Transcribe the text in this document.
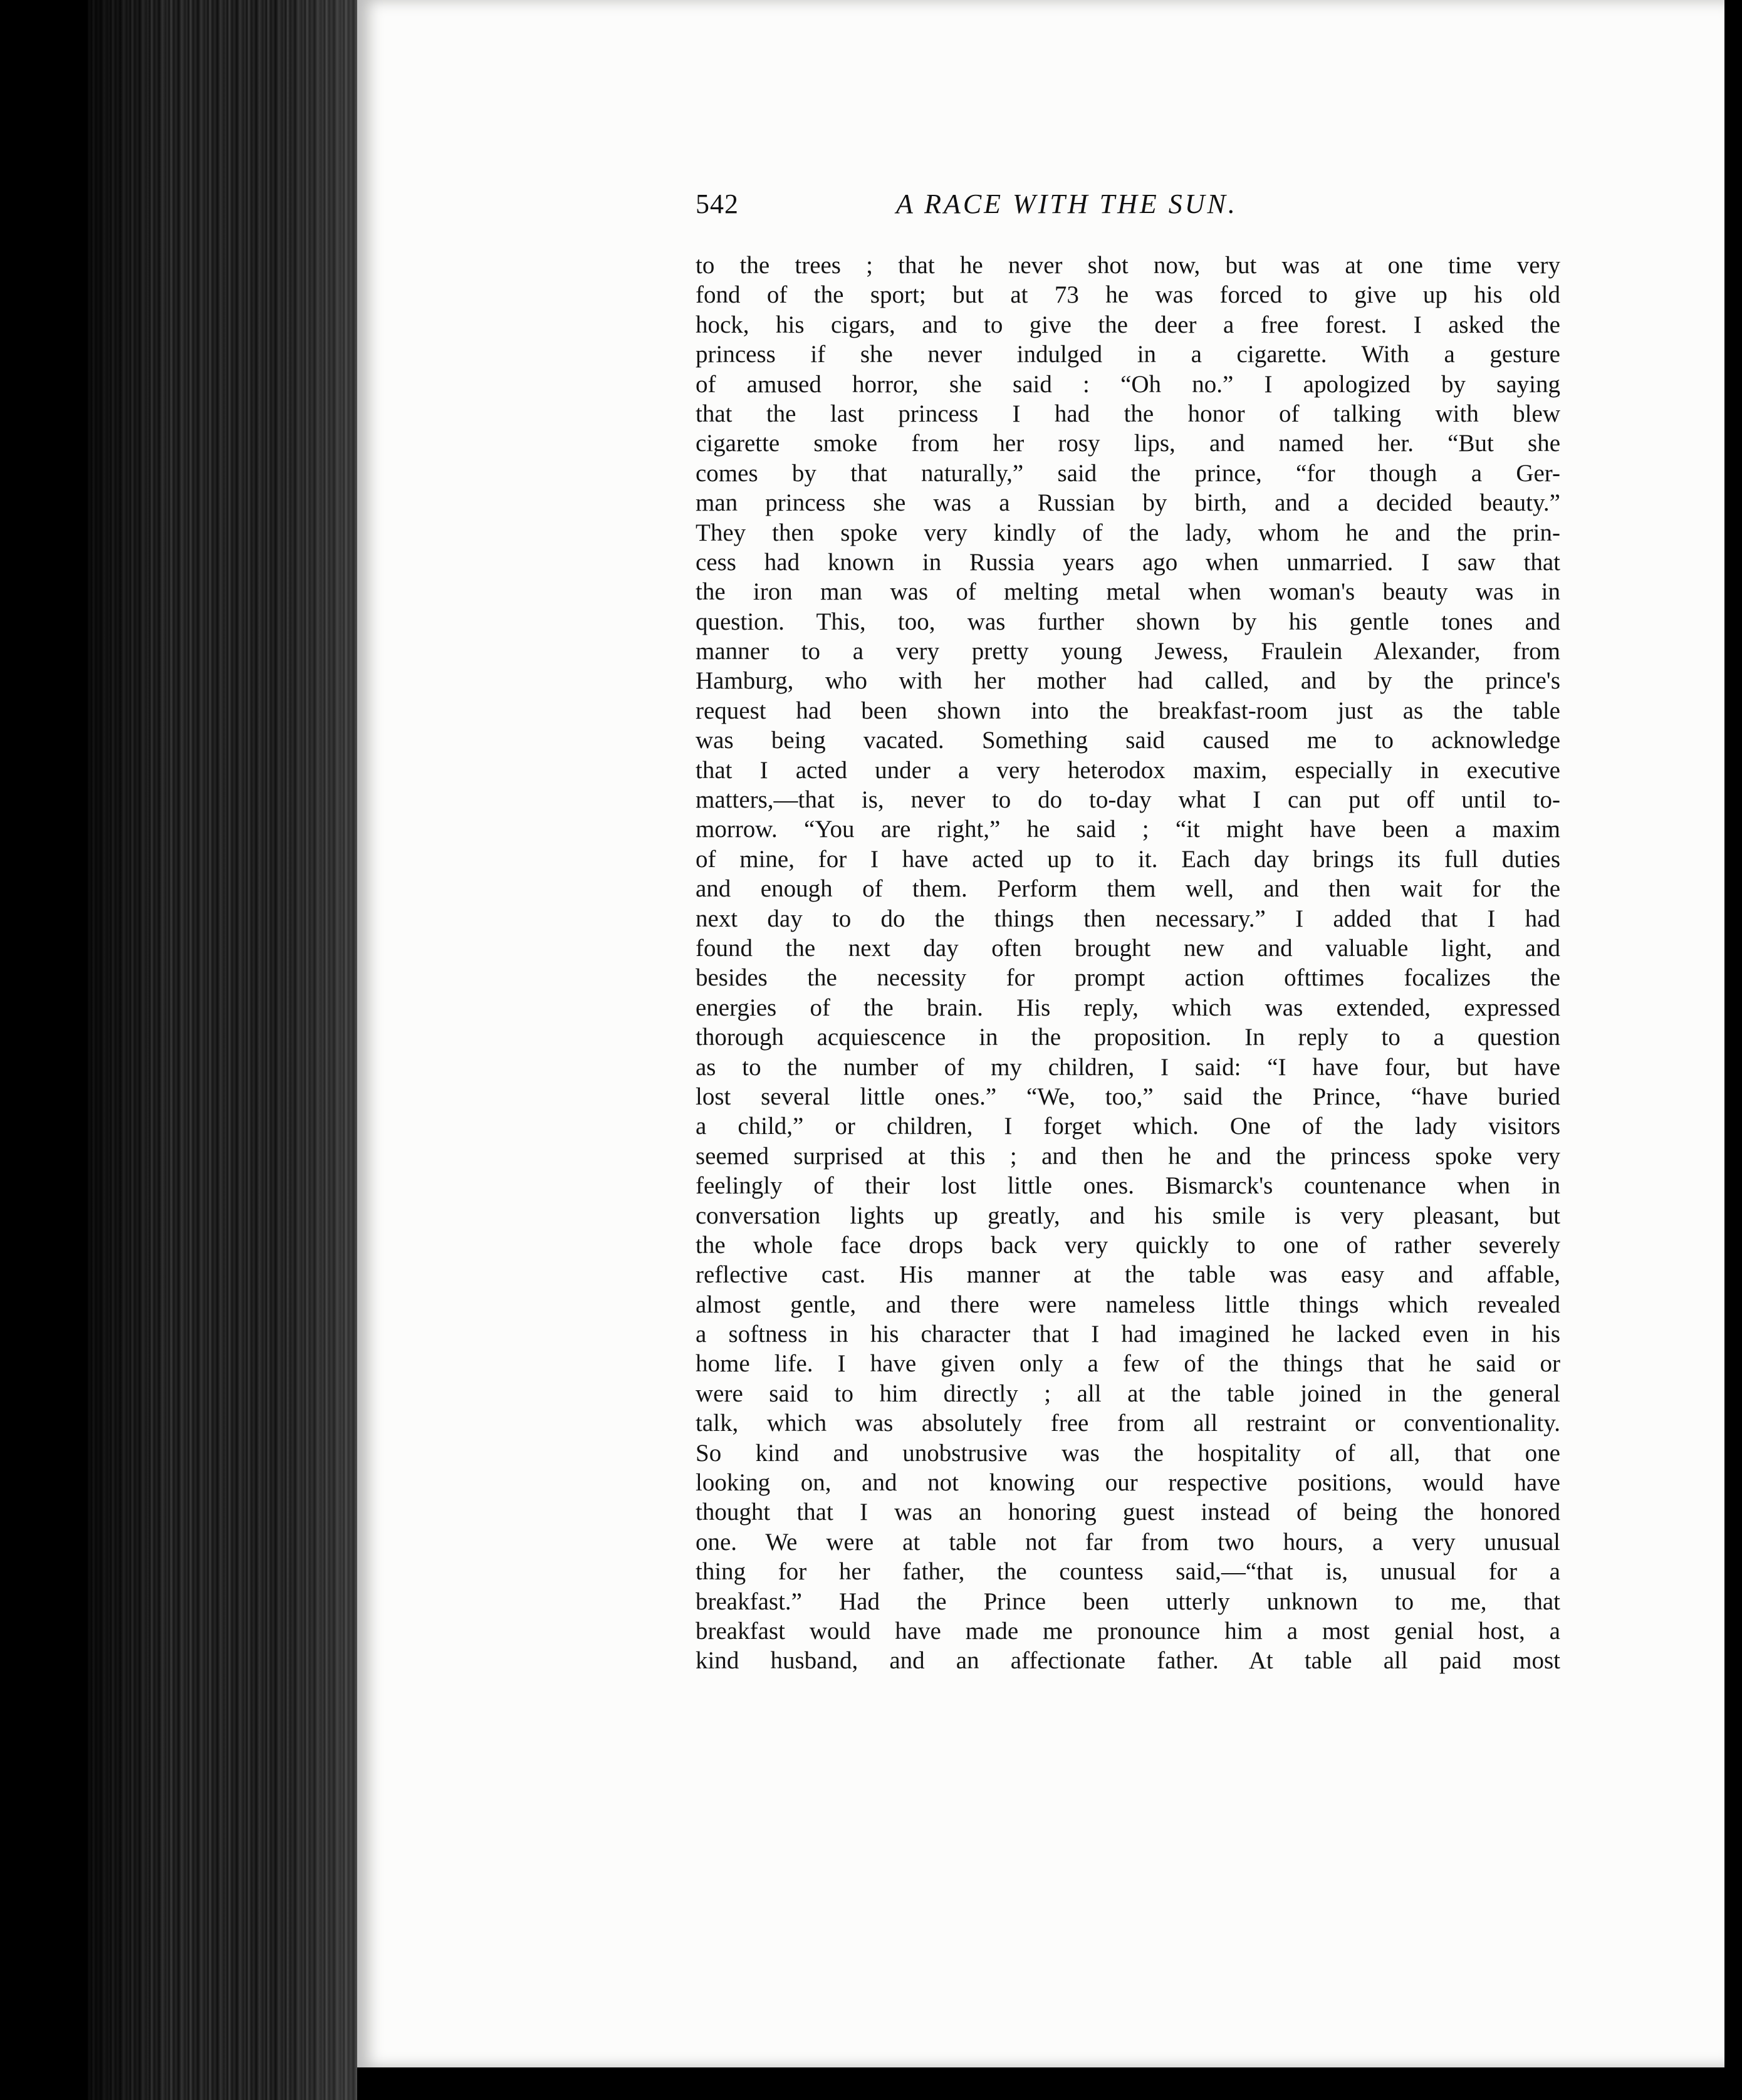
542	A RACE WITH THE SUN.
to the trees ; that he never shot now, but was at one time very
fond of the sport; but at 73 he was forced to give up his old
hock, his cigars, and to give the deer a free forest. I asked the
princess if she never indulged in a cigarette. With a gesture
of amused horror, she said : “Oh no.” I apologized by saying
that the last princess I had the honor of talking with blew
cigarette smoke from her rosy lips, and named her. “But she
comes by that naturally,” said the prince, “for though a Ger-
man princess she was a Russian by birth, and a decided beauty.”
They then spoke very kindly of the lady, whom he and the prin-
cess had known in Russia years ago when unmarried. I saw that
the iron man was of melting metal when woman's beauty was in
question. This, too, was further shown by his gentle tones and
manner to a very pretty young Jewess, Fraulein Alexander, from
Hamburg, who with her mother had called, and by the prince's
request had been shown into the breakfast-room just as the table
was being vacated. Something said caused me to acknowledge
that I acted under a very heterodox maxim, especially in executive
matters,—that is, never to do to-day what I can put off until to-
morrow. “You are right,” he said ; “it might have been a maxim
of mine, for I have acted up to it. Each day brings its full duties
and enough of them. Perform them well, and then wait for the
next day to do the things then necessary.” I added that I had
found the next day often brought new and valuable light, and
besides the necessity for prompt action ofttimes focalizes the
energies of the brain. His reply, which was extended, expressed
thorough acquiescence in the proposition. In reply to a question
as to the number of my children, I said: “I have four, but have
lost several little ones.” “We, too,” said the Prince, “have buried
a child,” or children, I forget which. One of the lady visitors
seemed surprised at this ; and then he and the princess spoke very
feelingly of their lost little ones. Bismarck's countenance when in
conversation lights up greatly, and his smile is very pleasant, but
the whole face drops back very quickly to one of rather severely
reflective cast. His manner at the table was easy and affable,
almost gentle, and there were nameless little things which revealed
a softness in his character that I had imagined he lacked even in his
home life. I have given only a few of the things that he said or
were said to him directly ; all at the table joined in the general
talk, which was absolutely free from all restraint or conventionality.
So kind and unobstrusive was the hospitality of all, that one
looking on, and not knowing our respective positions, would have
thought that I was an honoring guest instead of being the honored
one. We were at table not far from two hours, a very unusual
thing for her father, the countess said,—“that is, unusual for a
breakfast.” Had the Prince been utterly unknown to me, that
breakfast would have made me pronounce him a most genial host, a
kind husband, and an affectionate father. At table all paid most
